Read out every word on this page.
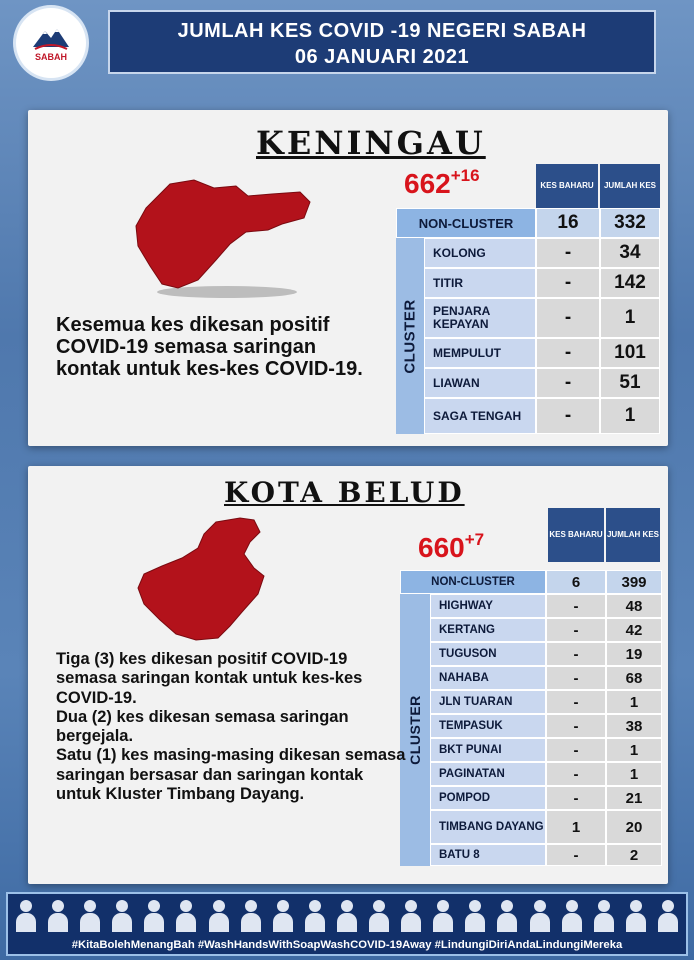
SABAH
JUMLAH KES COVID -19 NEGERI SABAH
06 JANUARI 2021
KENINGAU
$662^{+16}$
KES BAHARU	JUMLAH KES
NON-CLUSTER	16	332
CLUSTER
KOLONG	-	34
TITIR	-	142
PENJARA KEPAYAN	-	1
MEMPULUT	-	101
LIAWAN	-	51
SAGA TENGAH	-	1

Kesemua kes dikesan positif COVID-19 semasa saringan kontak untuk kes-kes COVID-19.

KOTA BELUD
$660^{+7}$	KES BAHARU JUMLAH KES
NON-CLUSTER	6	399
CLUSTER
HIGHWAY	-	48
KERTANG	-	42
TUGUSON	-	19
NAHABA	-	68
JLN TUARAN	-	1
TEMPASUK	-	38
BKT PUNAI	-	1
PAGINATAN	-	1
POMPOD	-	21
TIMBANG DAYANG	1	20
BATU 8	-	2

Tiga (3) kes dikesan positif COVID-19 semasa saringan kontak untuk kes-kes COVID-19.

Dua (2) kes dikesan semasa saringan bergejala.

Satu (1) kes masing-masing dikesan semasa saringan bersasar dan saringan kontak untuk Kluster Timbang Dayang.

#KitaBolehMenangBah #WashHandsWithSoapWashCOVID-19Away #LindungiDiriAndaLindungiMereka
